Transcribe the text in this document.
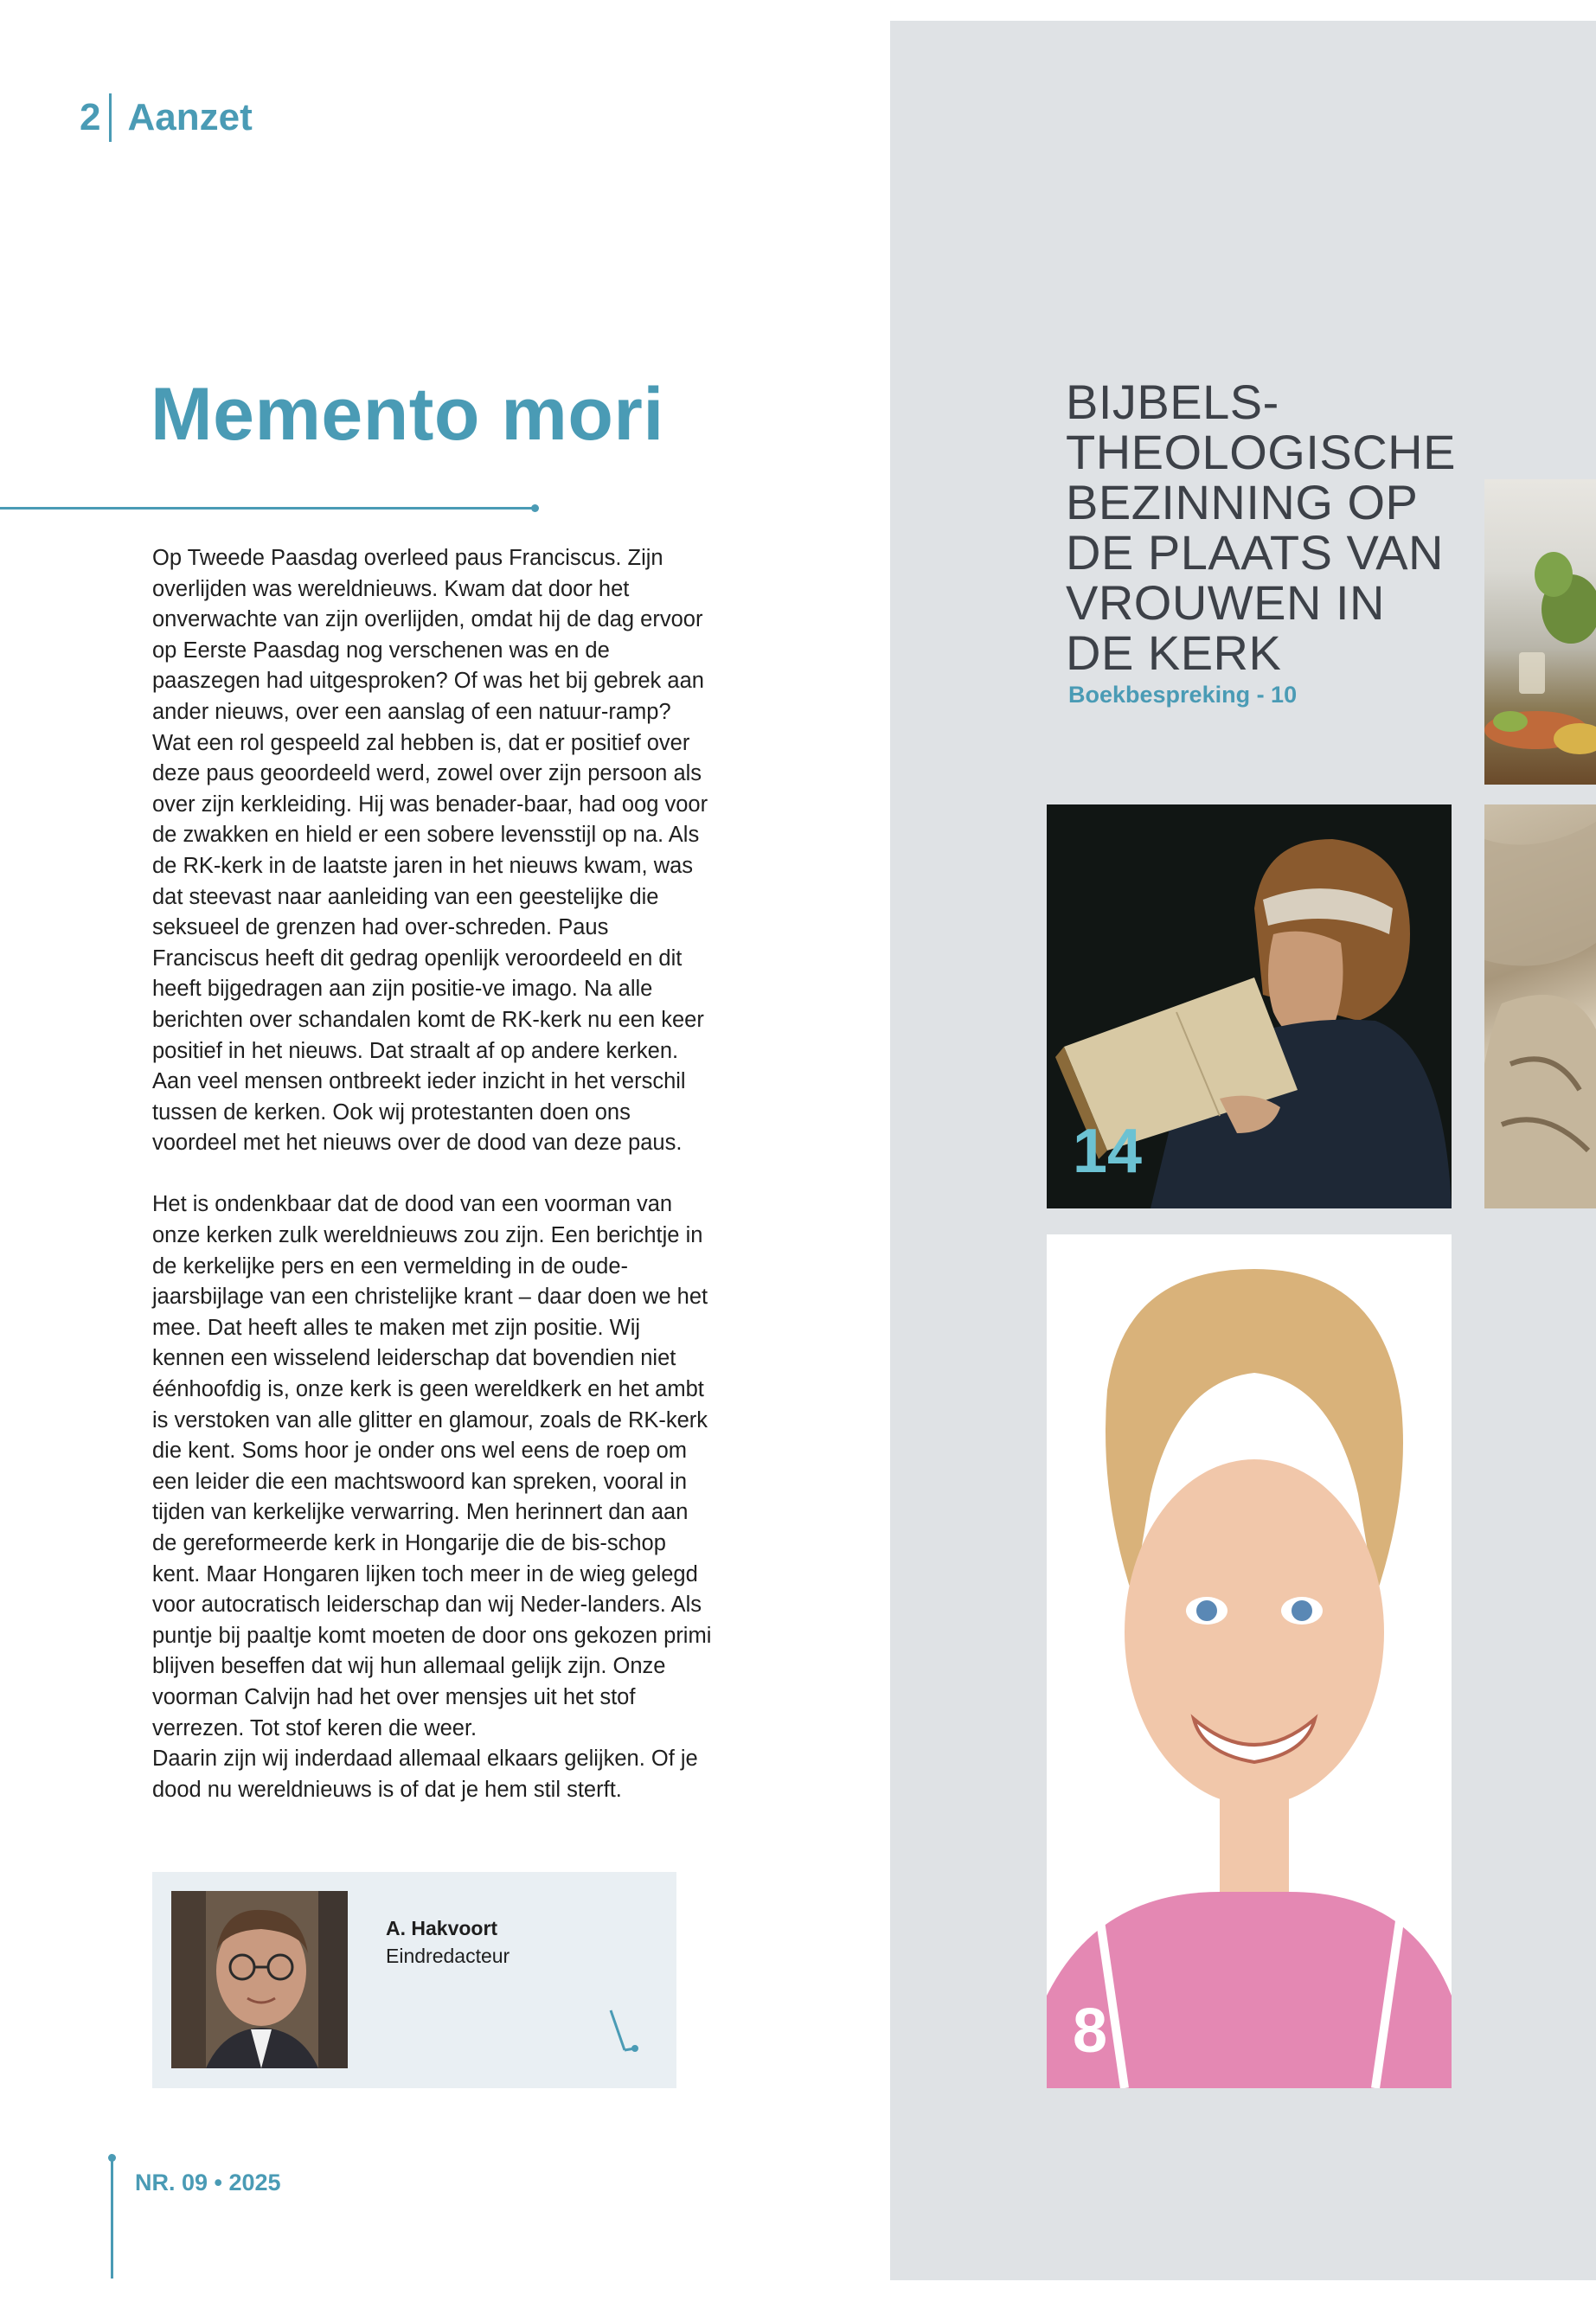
2 Aanzet
Memento mori

Op Tweede Paasdag overleed paus Franciscus. Zijn overlijden was wereldnieuws. Kwam dat door het onverwachte van zijn overlijden, omdat hij de dag ervoor op Eerste Paasdag nog verschenen was en de paaszegen had uitgesproken? Of was het bij gebrek aan ander nieuws, over een aanslag of een natuur-ramp? Wat een rol gespeeld zal hebben is, dat er positief over deze paus geoordeeld werd, zowel over zijn persoon als over zijn kerkleiding. Hij was benader-baar, had oog voor de zwakken en hield er een sobere levensstijl op na. Als de RK-kerk in de laatste jaren in het nieuws kwam, was dat steevast naar aanleiding van een geestelijke die seksueel de grenzen had over-schreden. Paus Franciscus heeft dit gedrag openlijk veroordeeld en dit heeft bijgedragen aan zijn positie-ve imago. Na alle berichten over schandalen komt de RK-kerk nu een keer positief in het nieuws. Dat straalt af op andere kerken. Aan veel mensen ontbreekt ieder inzicht in het verschil tussen de kerken. Ook wij protestanten doen ons voordeel met het nieuws over de dood van deze paus.

Het is ondenkbaar dat de dood van een voorman van onze kerken zulk wereldnieuws zou zijn. Een berichtje in de kerkelijke pers en een vermelding in de oude-jaarsbijlage van een christelijke krant – daar doen we het mee. Dat heeft alles te maken met zijn positie. Wij kennen een wisselend leiderschap dat bovendien niet éénhoofdig is, onze kerk is geen wereldkerk en het ambt is verstoken van alle glitter en glamour, zoals de RK-kerk die kent. Soms hoor je onder ons wel eens de roep om een leider die een machtswoord kan spreken, vooral in tijden van kerkelijke verwarring. Men herinnert dan aan de gereformeerde kerk in Hongarije die de bis-schop kent. Maar Hongaren lijken toch meer in de wieg gelegd voor autocratisch leiderschap dan wij Neder-landers. Als puntje bij paaltje komt moeten de door ons gekozen primi blijven beseffen dat wij hun allemaal gelijk zijn. Onze voorman Calvijn had het over mensjes uit het stof verrezen. Tot stof keren die weer.

Daarin zijn wij inderdaad allemaal elkaars gelijken. Of je dood nu wereldnieuws is of dat je hem stil sterft.

A. Hakvoort
Eindredacteur
NR. 09 • 2025
BIJBELS-THEOLOGISCHE BEZINNING OP DE PLAATS VAN VROUWEN IN DE KERK
Boekbespreking - 10
14
8
